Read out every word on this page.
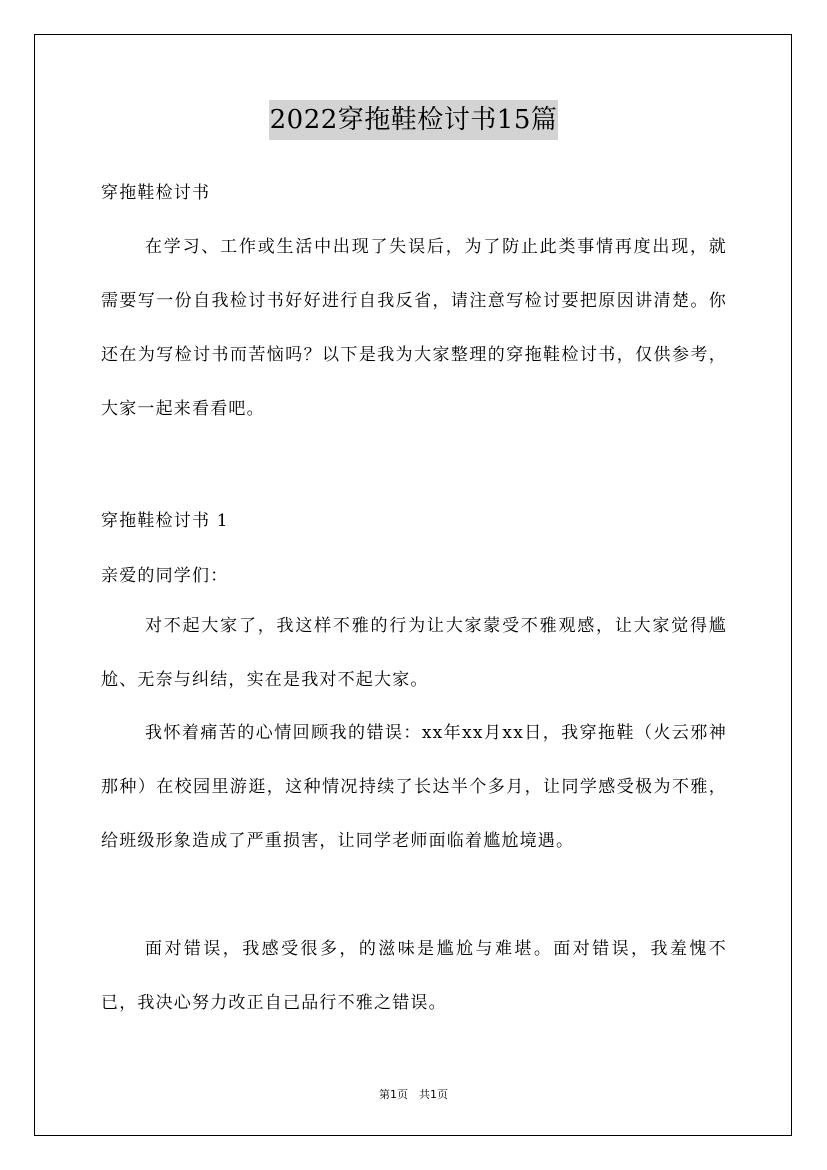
2022穿拖鞋检讨书15篇

穿拖鞋检讨书

在学习、工作或生活中出现了失误后，为了防止此类事情再度出现，就需要写一份自我检讨书好好进行自我反省，请注意写检讨要把原因讲清楚。你还在为写检讨书而苦恼吗？以下是我为大家整理的穿拖鞋检讨书，仅供参考，大家一起来看看吧。

穿拖鞋检讨书 1

亲爱的同学们：

对不起大家了，我这样不雅的行为让大家蒙受不雅观感，让大家觉得尴尬、无奈与纠结，实在是我对不起大家。

我怀着痛苦的心情回顾我的错误：xx年xx月xx日，我穿拖鞋（火云邪神那种）在校园里游逛，这种情况持续了长达半个多月，让同学感受极为不雅，给班级形象造成了严重损害，让同学老师面临着尴尬境遇。

面对错误，我感受很多，的滋味是尴尬与难堪。面对错误，我羞愧不已，我决心努力改正自己品行不雅之错误。

第1页　共1页
